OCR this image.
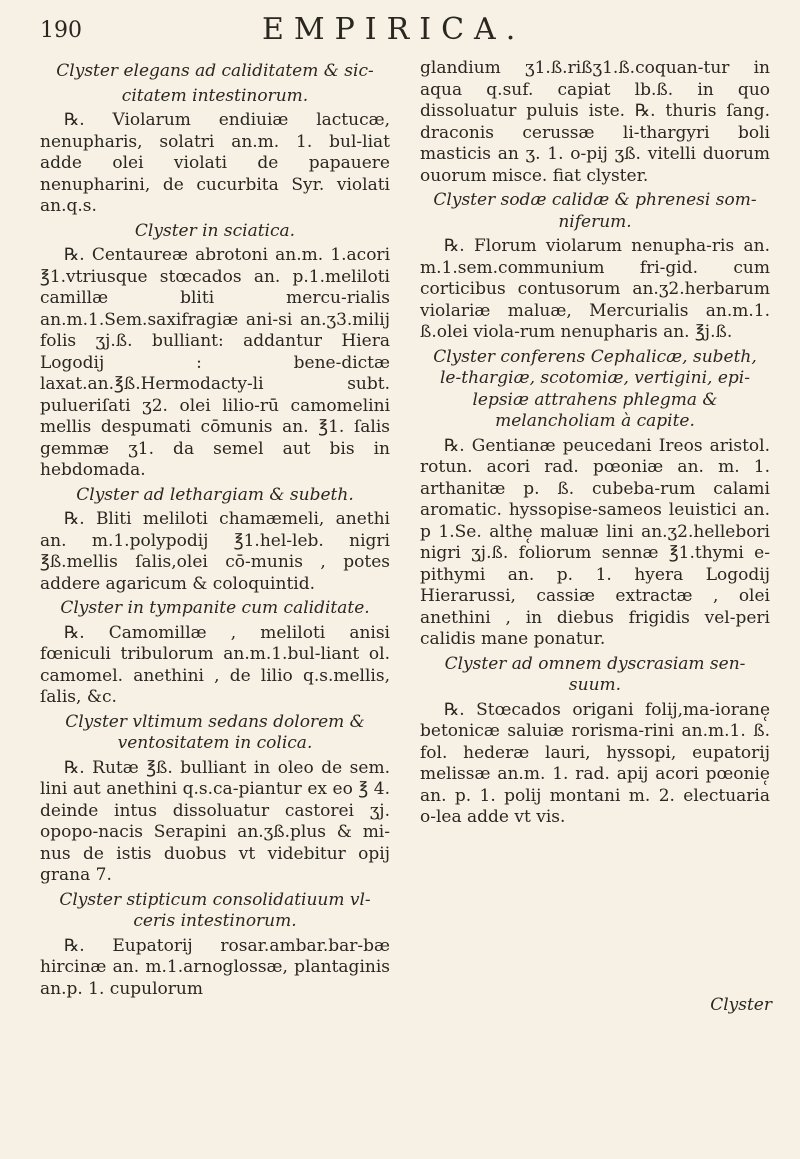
190	EMPIRICA.

Clyster elegans ad caliditatem & sic-

citatem intestinorum.

℞. Violarum endiuiæ lactucæ, nenupharis, solatri an.m. 1. bul-liat adde olei violati de papauere nenupharini, de cucurbita Syr. violati an.q.s.

Clyster in sciatica.

℞. Centaureæ abrotoni an.m. 1.acori ℥1.vtriusque stœcados an. p.1.meliloti camillæ bliti mercu-rialis an.m.1.Sem.saxifragiæ ani-si an.ʒ3.milij folis ʒj.ß. bulliant: addantur Hiera Logodij : bene-dictæ laxat.an.℥ß.Hermodacty-li subt. pulueriſati ʒ2. olei lilio-rū camomelini mellis despumati cōmunis an. ℥1. ſalis gemmæ ʒ1. da semel aut bis in hebdomada.

Clyster ad lethargiam & subeth.

℞. Bliti meliloti chamæmeli, anethi an. m.1.polypodij ℥1.hel-leb. nigri ℥ß.mellis ſalis,olei cō-munis , potes addere agaricum & coloquintid.

Clyster in tympanite cum caliditate.

℞. Camomillæ , meliloti anisi fœniculi tribulorum an.m.1.bul-liant ol. camomel. anethini , de lilio q.s.mellis, ſalis, &c.

Clyster vltimum sedans dolorem & ventositatem in colica.

℞. Rutæ ℥ß. bulliant in oleo de sem. lini aut anethini q.s.ca-piantur ex eo ℥ 4. deinde intus dissoluatur castorei ʒj. opopo-nacis Serapini an.ʒß.plus & mi-nus de istis duobus vt videbitur opij grana 7.

Clyster stipticum consolidatiuum vl-ceris intestinorum.

℞. Eupatorij rosar.ambar.bar-bæ hircinæ an. m.1.arnoglossæ, plantaginis an.p. 1. cupulorum

glandium ʒ1.ß.rißʒ1.ß.coquan-tur in aqua q.suf. capiat lb.ß. in quo dissoluatur puluis iste. ℞. thuris ſang. draconis cerussæ li-thargyri boli masticis an ʒ. 1. o-pij ʒß. vitelli duorum ouorum misce. fiat clyster.

Clyster sodæ calidæ & phrenesi som-niferum.

℞. Florum violarum nenupha-ris an. m.1.sem.communium fri-gid. cum corticibus contusorum an.ʒ2.herbarum violariæ maluæ, Mercurialis an.m.1. ß.olei viola-rum nenupharis an. ℥j.ß.

Clyster conferens Cephalicæ, subeth, le-thargiæ, scotomiæ, vertigini, epi-lepsiæ attrahens phlegma & melancholiam à capite.

℞. Gentianæ peucedani Ireos aristol. rotun. acori rad. pœoniæ an. m. 1. arthanitæ p. ß. cubeba-rum calami aromatic. hyssopise-sameos leuistici an. p 1.Se. althe̜ maluæ lini an.ʒ2.hellebori nigri ʒj.ß. foliorum sennæ ℥1.thymi e-pithymi an. p. 1. hyera Logodij Hierarussi, cassiæ extractæ , olei anethini , in diebus frigidis vel-peri calidis mane ponatur.

Clyster ad omnem dyscrasiam sen-suum.

℞. Stœcados origani folij,ma-iorane̜ betonicæ saluiæ rorisma-rini an.m.1. ß. fol. hederæ lauri, hyssopi, eupatorij melissæ an.m. 1. rad. apij acori pœonie̜ an. p. 1. polij montani m. 2. electuaria o-lea adde vt vis.

Clyster
